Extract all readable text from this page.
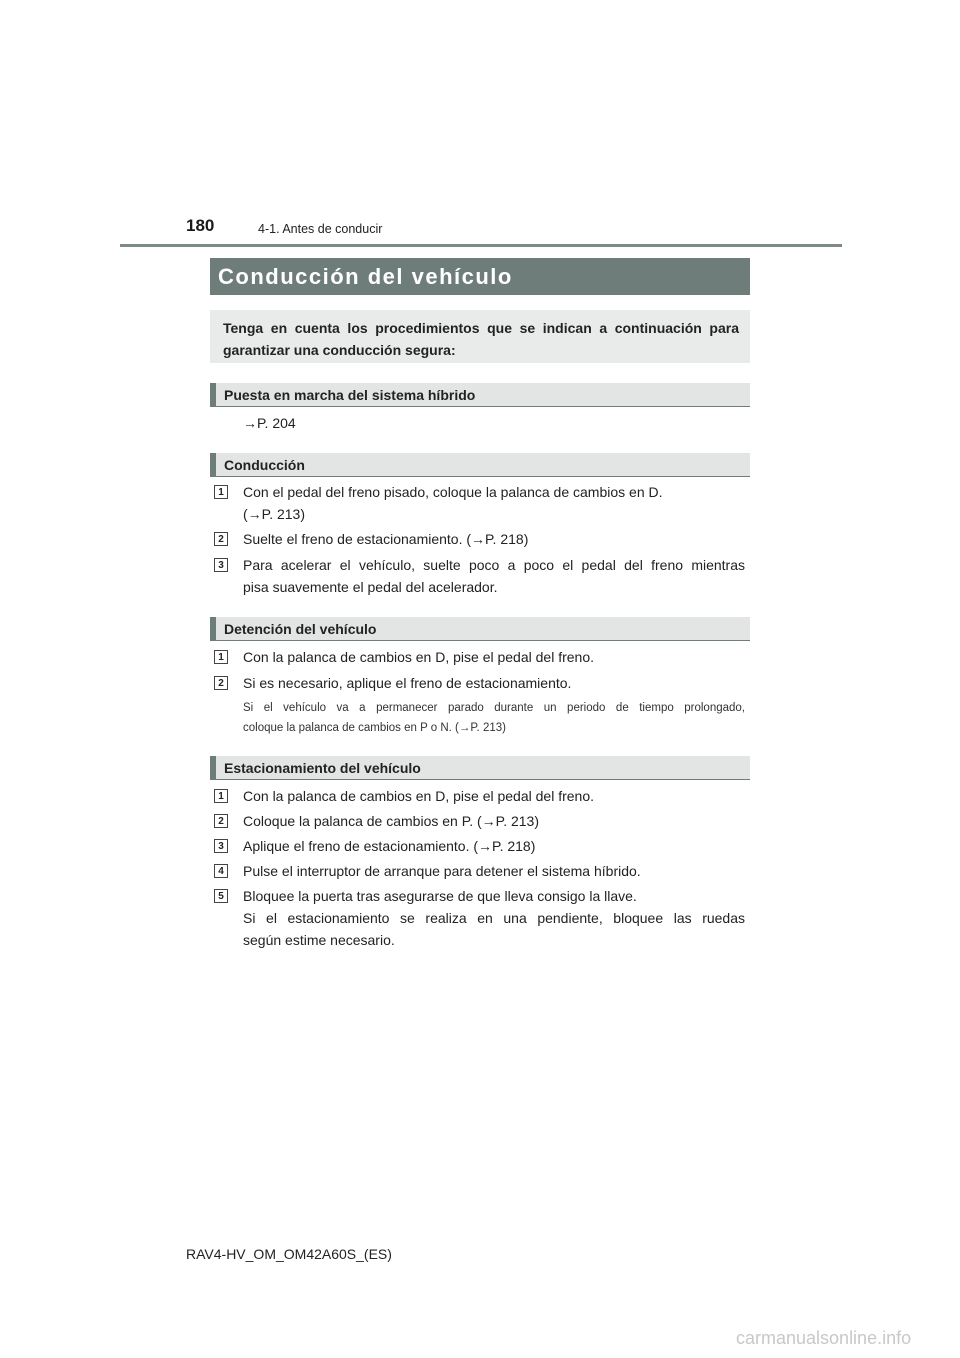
180	4-1. Antes de conducir
Conducción del vehículo
Tenga en cuenta los procedimientos que se indican a continuación para garantizar una conducción segura:
Puesta en marcha del sistema híbrido
→P. 204
Conducción
1	Con el pedal del freno pisado, coloque la palanca de cambios en D.
(→P. 213)
2	Suelte el freno de estacionamiento. (→P. 218)
3	Para acelerar el vehículo, suelte poco a poco el pedal del freno mientras
pisa suavemente el pedal del acelerador.
Detención del vehículo
1	Con la palanca de cambios en D, pise el pedal del freno.
2	Si es necesario, aplique el freno de estacionamiento.
Si el vehículo va a permanecer parado durante un periodo de tiempo prolongado,
coloque la palanca de cambios en P o N. (→P. 213)
Estacionamiento del vehículo
1	Con la palanca de cambios en D, pise el pedal del freno.
2	Coloque la palanca de cambios en P. (→P. 213)
3	Aplique el freno de estacionamiento. (→P. 218)
4	Pulse el interruptor de arranque para detener el sistema híbrido.
5	Bloquee la puerta tras asegurarse de que lleva consigo la llave.
Si el estacionamiento se realiza en una pendiente, bloquee las ruedas
según estime necesario.
RAV4-HV_OM_OM42A60S_(ES)
carmanualsonline.info
